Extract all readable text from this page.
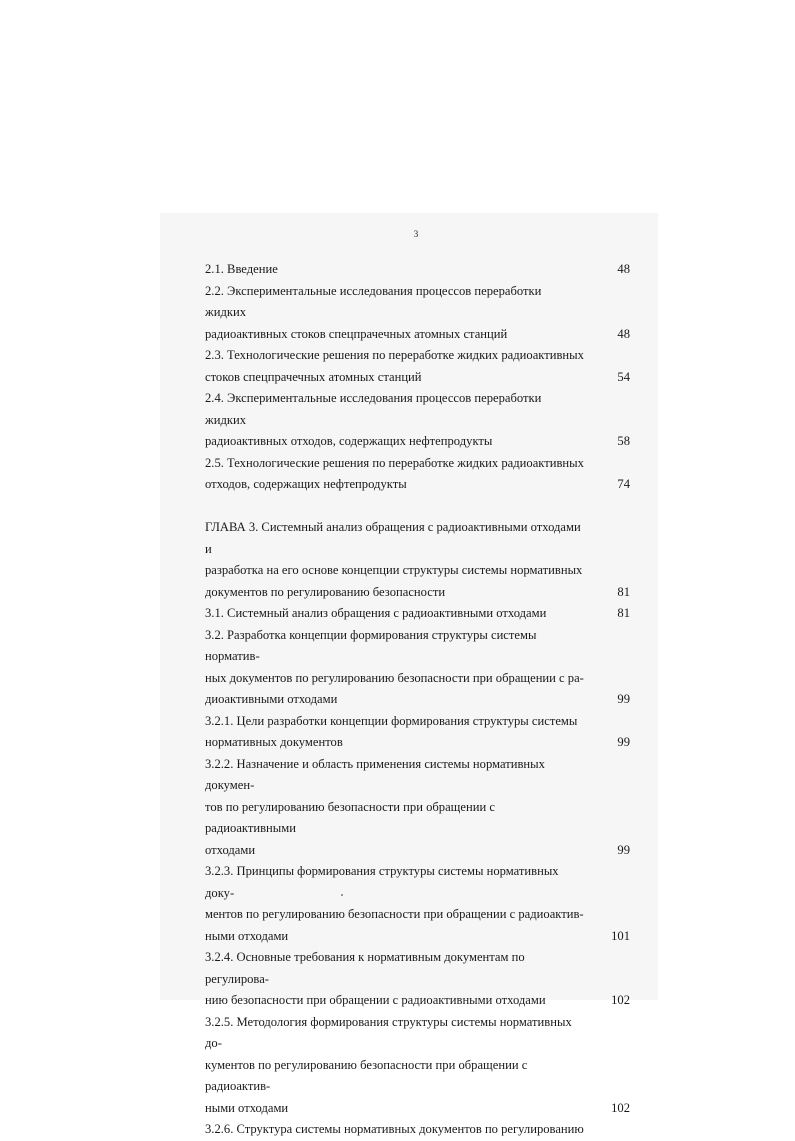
3
2.1. Введение	48
2.2. Экспериментальные исследования процессов переработки жидких
радиоактивных стоков спецпрачечных атомных станций	48
2.3. Технологические решения по переработке жидких радиоактивных
стоков спецпрачечных атомных станций	54
2.4. Экспериментальные исследования процессов переработки жидких
радиоактивных отходов, содержащих нефтепродукты	58
2.5. Технологические решения по переработке жидких радиоактивных
отходов, содержащих нефтепродукты	74
ГЛАВА 3. Системный анализ обращения с радиоактивными отходами и
разработка на его основе концепции структуры системы нормативных
документов по регулированию безопасности	81
3.1. Системный анализ обращения с радиоактивными отходами	81
3.2. Разработка концепции формирования структуры системы норматив-
ных документов по регулированию безопасности при обращении с ра-
диоактивными отходами	99
3.2.1. Цели разработки концепции формирования структуры системы
нормативных документов	99
3.2.2. Назначение и область применения системы нормативных докумен-
тов по регулированию безопасности при обращении с радиоактивными
отходами	99
3.2.3. Принципы формирования структуры системы нормативных доку-
ментов по регулированию безопасности при обращении с радиоактив-
ными отходами	101
3.2.4. Основные требования к нормативным документам по регулирова-
нию безопасности при обращении с радиоактивными отходами	102
3.2.5. Методология формирования структуры системы нормативных до-
кументов по регулированию безопасности при обращении с радиоактив-
ными отходами	102
3.2.6. Структура системы нормативных документов по регулированию
